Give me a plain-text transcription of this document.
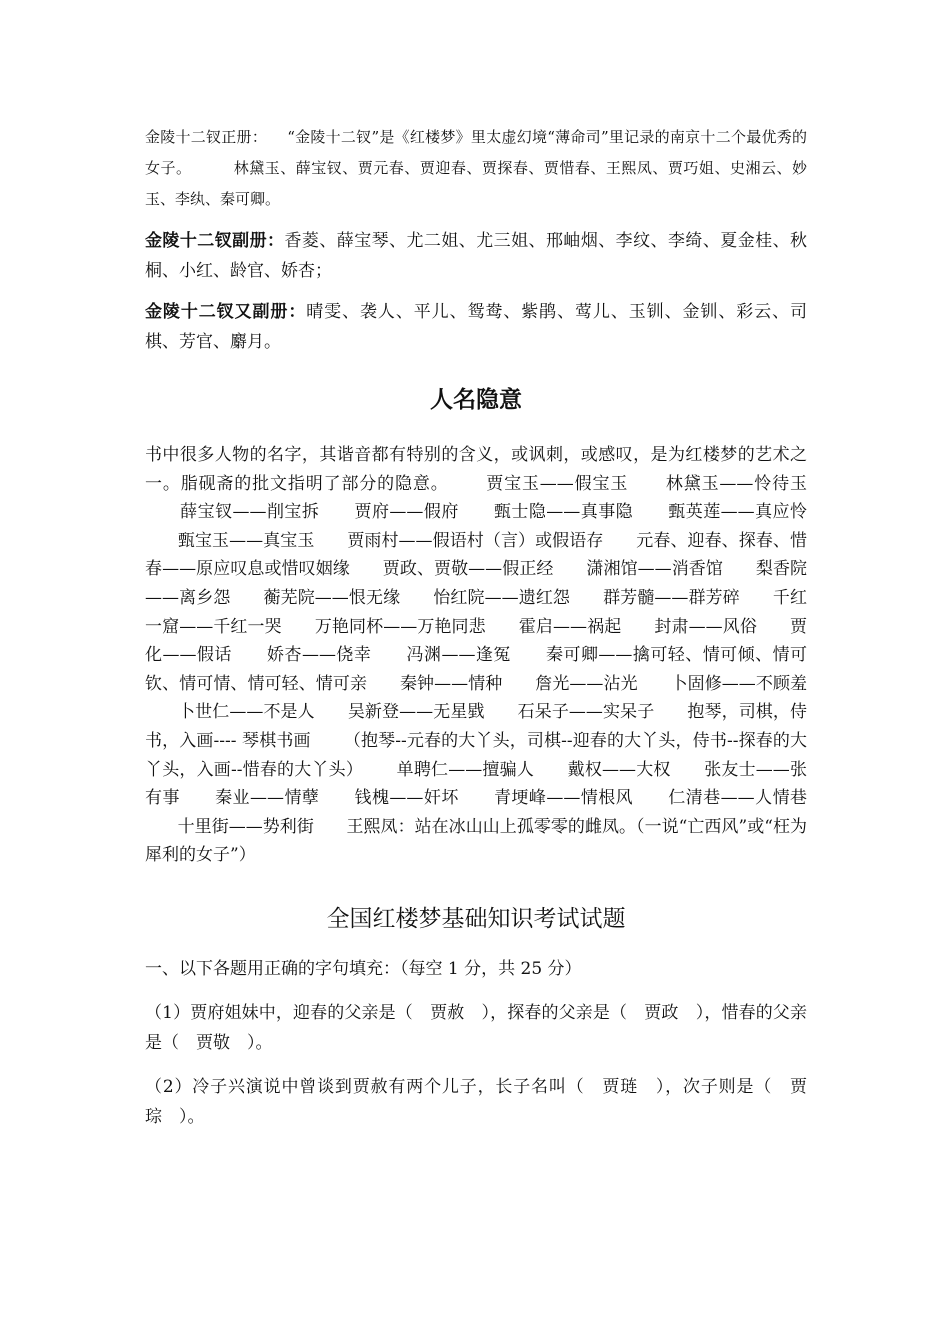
金陵十二钗正册： “金陵十二钗”是《红楼梦》里太虚幻境“薄命司”里记录的南京十二个最优秀的女子。	林黛玉、薛宝钗、贾元春、贾迎春、贾探春、贾惜春、王熙凤、贾巧姐、史湘云、妙玉、李纨、秦可卿。

金陵十二钗副册：香菱、薛宝琴、尤二姐、尤三姐、邢岫烟、李纹、李绮、夏金桂、秋桐、小红、龄官、娇杏；

金陵十二钗又副册：晴雯、袭人、平儿、鸳鸯、紫鹃、莺儿、玉钏、金钏、彩云、司棋、芳官、麝月。

人名隐意

书中很多人物的名字，其谐音都有特别的含义，或讽刺，或感叹，是为红楼梦的艺术之一。脂砚斋的批文指明了部分的隐意。 贾宝玉——假宝玉 林黛玉——怜待玉      薛宝钗——削宝拆 贾府——假府 甄士隐——真事隐 甄英莲——真应怜      甄宝玉——真宝玉 贾雨村——假语村（言）或假语存 元春、迎春、探春、惜春——原应叹息或惜叹姻缘 贾政、贾敬——假正经 潇湘馆——消香馆 梨香院——离乡怨 蘅芜院——恨无缘 怡红院——遗红怨 群芳髓——群芳碎 千红一窟——千红一哭 万艳同杯——万艳同悲 霍启——祸起 封肃——风俗 贾化——假话 娇杏——侥幸 冯渊——逢冤 秦可卿——擒可轻、情可倾、情可钦、情可情、情可轻、情可亲 秦钟——情种 詹光——沾光 卜固修——不顾羞      卜世仁——不是人 吴新登——无星戥 石呆子——实呆子 抱琴，司棋，侍书，入画---- 琴棋书画 （抱琴--元春的大丫头，司棋--迎春的大丫头，侍书--探春的大丫头，入画--惜春的大丫头） 单聘仁——擅骗人 戴权——大权 张友士——张有事 秦业——情孽 钱槐——奸坏 青埂峰——情根风 仁清巷——人情巷      十里街——势利街 王熙凤：站在冰山山上孤零零的雌凤。（一说“亡西风”或“枉为犀利的女子”）

全国红楼梦基础知识考试试题

一、以下各题用正确的字句填充：（每空 1 分，共 25 分）

（1）贾府姐妹中，迎春的父亲是（　贾赦　），探春的父亲是（　贾政　），惜春的父亲是（　贾敬　）。

（2）冷子兴演说中曾谈到贾赦有两个儿子，长子名叫（　贾琏　），次子则是（　贾琮　）。
